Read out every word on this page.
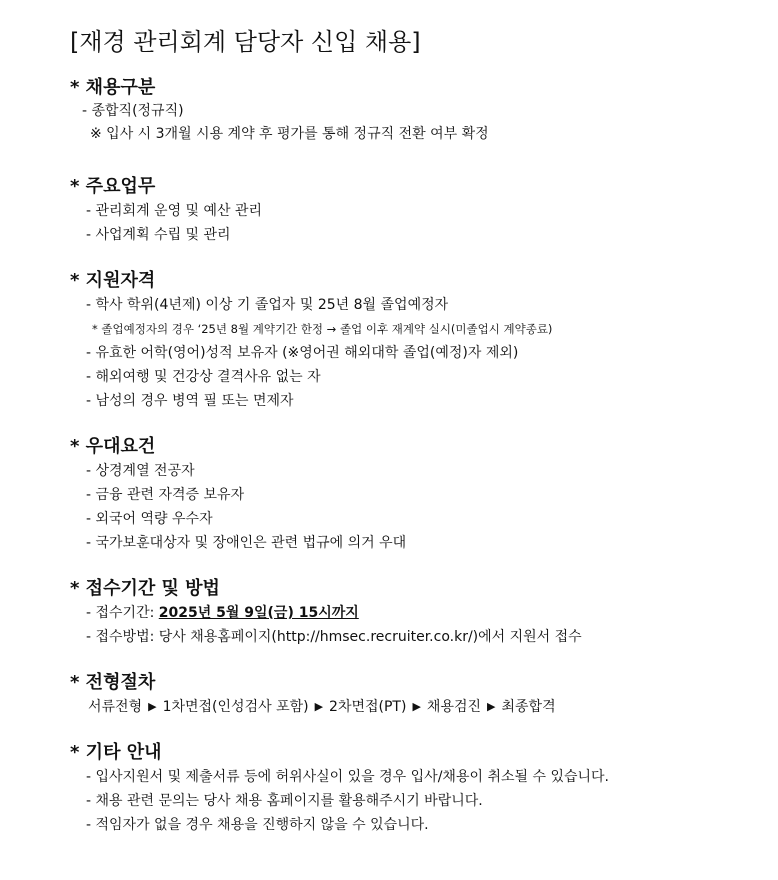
[재경 관리회계 담당자 신입 채용]
* 채용구분
- 종합직(정규직)
※ 입사 시 3개월 시용 계약 후 평가를 통해 정규직 전환 여부 확정
* 주요업무
- 관리회계 운영 및 예산 관리
- 사업계획 수립 및 관리
* 지원자격
- 학사 학위(4년제) 이상 기 졸업자 및 25년 8월 졸업예정자
* 졸업예정자의 경우 ‘25년 8월 계약기간 한정 → 졸업 이후 재계약 실시(미졸업시 계약종료)
- 유효한 어학(영어)성적 보유자 (※영어권 해외대학 졸업(예정)자 제외)
- 해외여행 및 건강상 결격사유 없는 자
- 남성의 경우 병역 필 또는 면제자
* 우대요건
- 상경계열 전공자
- 금융 관련 자격증 보유자
- 외국어 역량 우수자
- 국가보훈대상자 및 장애인은 관련 법규에 의거 우대
* 접수기간 및 방법
- 접수기간: 2025년 5월 9일(금) 15시까지
- 접수방법: 당사 채용홈페이지(http://hmsec.recruiter.co.kr/)에서 지원서 접수
* 전형절차
서류전형 ▶ 1차면접(인성검사 포함) ▶ 2차면접(PT) ▶ 채용검진 ▶ 최종합격
* 기타 안내
- 입사지원서 및 제출서류 등에 허위사실이 있을 경우 입사/채용이 취소될 수 있습니다.
- 채용 관련 문의는 당사 채용 홈페이지를 활용해주시기 바랍니다.
- 적임자가 없을 경우 채용을 진행하지 않을 수 있습니다.
